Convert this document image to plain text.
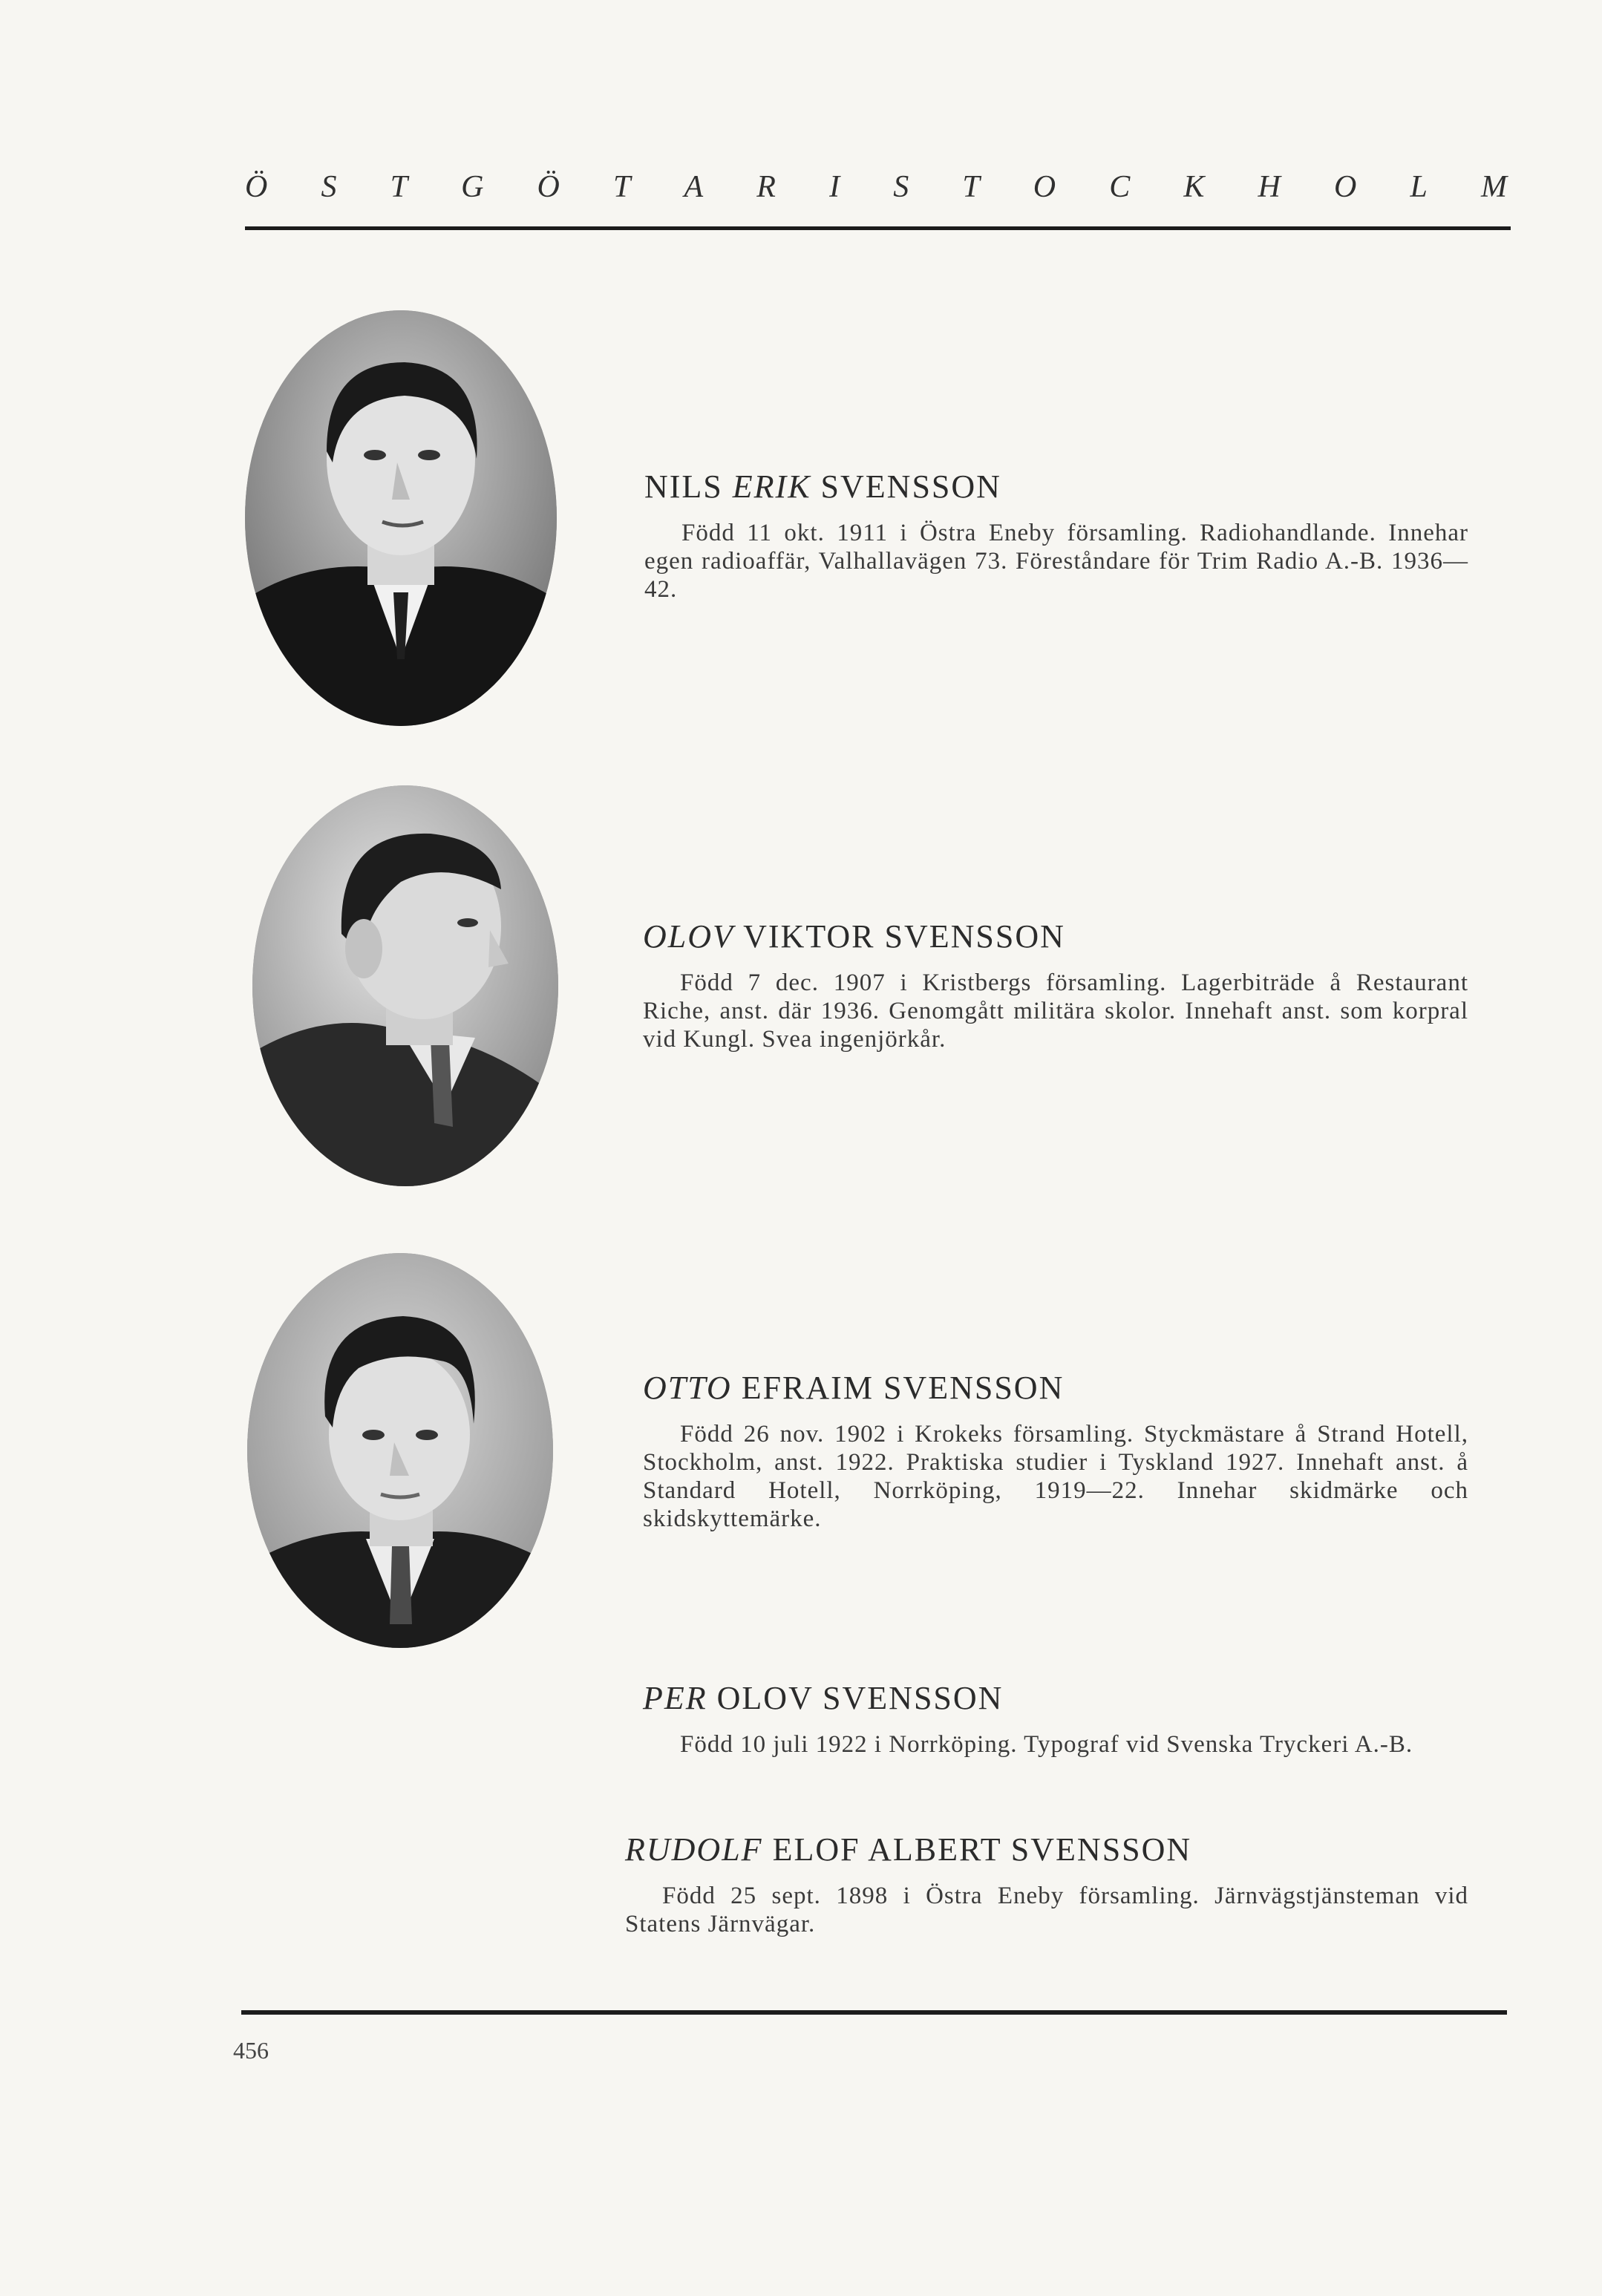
Ö S T G Ö T A R I S T O C K H O L M
NILS ERIK SVENSSON

Född 11 okt. 1911 i Östra Eneby församling. Radiohandlande. Innehar egen radioaffär, Valhallavägen 73. Föreståndare för Trim Radio A.-B. 1936—42.

OLOV VIKTOR SVENSSON

Född 7 dec. 1907 i Kristbergs församling. Lagerbiträde å Restaurant Riche, anst. där 1936. Genomgått militära skolor. Innehaft anst. som korpral vid Kungl. Svea ingenjörkår.

OTTO EFRAIM SVENSSON

Född 26 nov. 1902 i Krokeks församling. Styckmästare å Strand Hotell, Stockholm, anst. 1922. Praktiska studier i Tyskland 1927. Innehaft anst. å Standard Hotell, Norrköping, 1919—22. Innehar skidmärke och skidskyttemärke.

PER OLOV SVENSSON

Född 10 juli 1922 i Norrköping. Typograf vid Svenska Tryckeri A.-B.

RUDOLF ELOF ALBERT SVENSSON

Född 25 sept. 1898 i Östra Eneby församling. Järnvägstjänsteman vid Statens Järnvägar.

456
